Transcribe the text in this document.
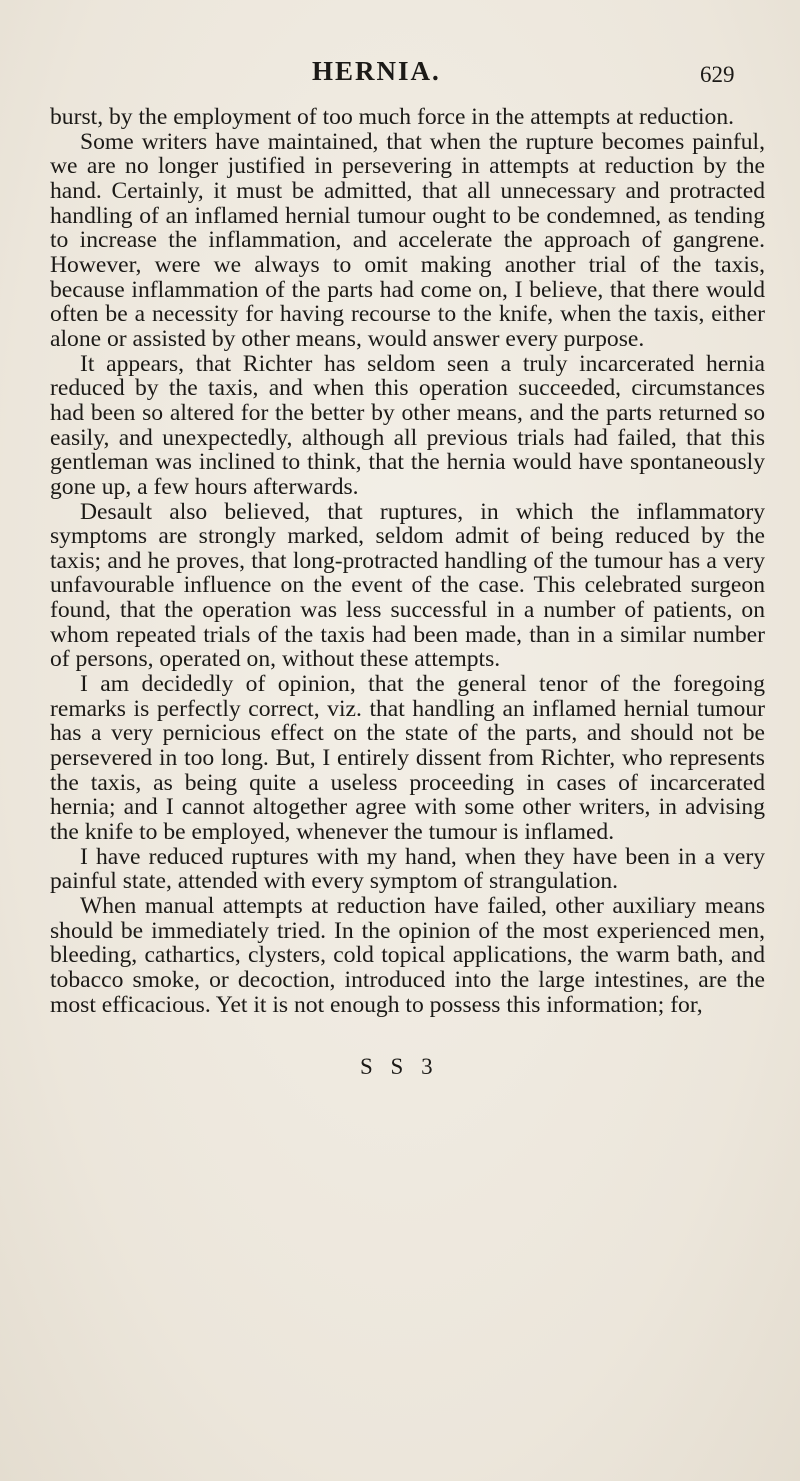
HERNIA.	629

burst, by the employment of too much force in the attempts at reduction.

Some writers have maintained, that when the rupture becomes painful, we are no longer justified in persevering in attempts at reduction by the hand. Certainly, it must be admitted, that all unnecessary and protracted handling of an inflamed hernial tumour ought to be condemned, as tending to increase the inflammation, and accelerate the approach of gangrene. However, were we always to omit making another trial of the taxis, because inflammation of the parts had come on, I believe, that there would often be a necessity for having recourse to the knife, when the taxis, either alone or assisted by other means, would answer every purpose.

It appears, that Richter has seldom seen a truly incarcerated hernia reduced by the taxis, and when this operation succeeded, circumstances had been so altered for the better by other means, and the parts returned so easily, and unexpectedly, although all previous trials had failed, that this gentleman was inclined to think, that the hernia would have spontaneously gone up, a few hours afterwards.

Desault also believed, that ruptures, in which the inflammatory symptoms are strongly marked, seldom admit of being reduced by the taxis; and he proves, that long-protracted handling of the tumour has a very unfavourable influence on the event of the case. This celebrated surgeon found, that the operation was less successful in a number of patients, on whom repeated trials of the taxis had been made, than in a similar number of persons, operated on, without these attempts.

I am decidedly of opinion, that the general tenor of the foregoing remarks is perfectly correct, viz. that handling an inflamed hernial tumour has a very pernicious effect on the state of the parts, and should not be persevered in too long. But, I entirely dissent from Richter, who represents the taxis, as being quite a useless proceeding in cases of incarcerated hernia; and I cannot altogether agree with some other writers, in advising the knife to be employed, whenever the tumour is inflamed.

I have reduced ruptures with my hand, when they have been in a very painful state, attended with every symptom of strangulation.

When manual attempts at reduction have failed, other auxiliary means should be immediately tried. In the opinion of the most experienced men, bleeding, cathartics, clysters, cold topical applications, the warm bath, and tobacco smoke, or decoction, introduced into the large intestines, are the most efficacious. Yet it is not enough to possess this information; for,

S S 3
